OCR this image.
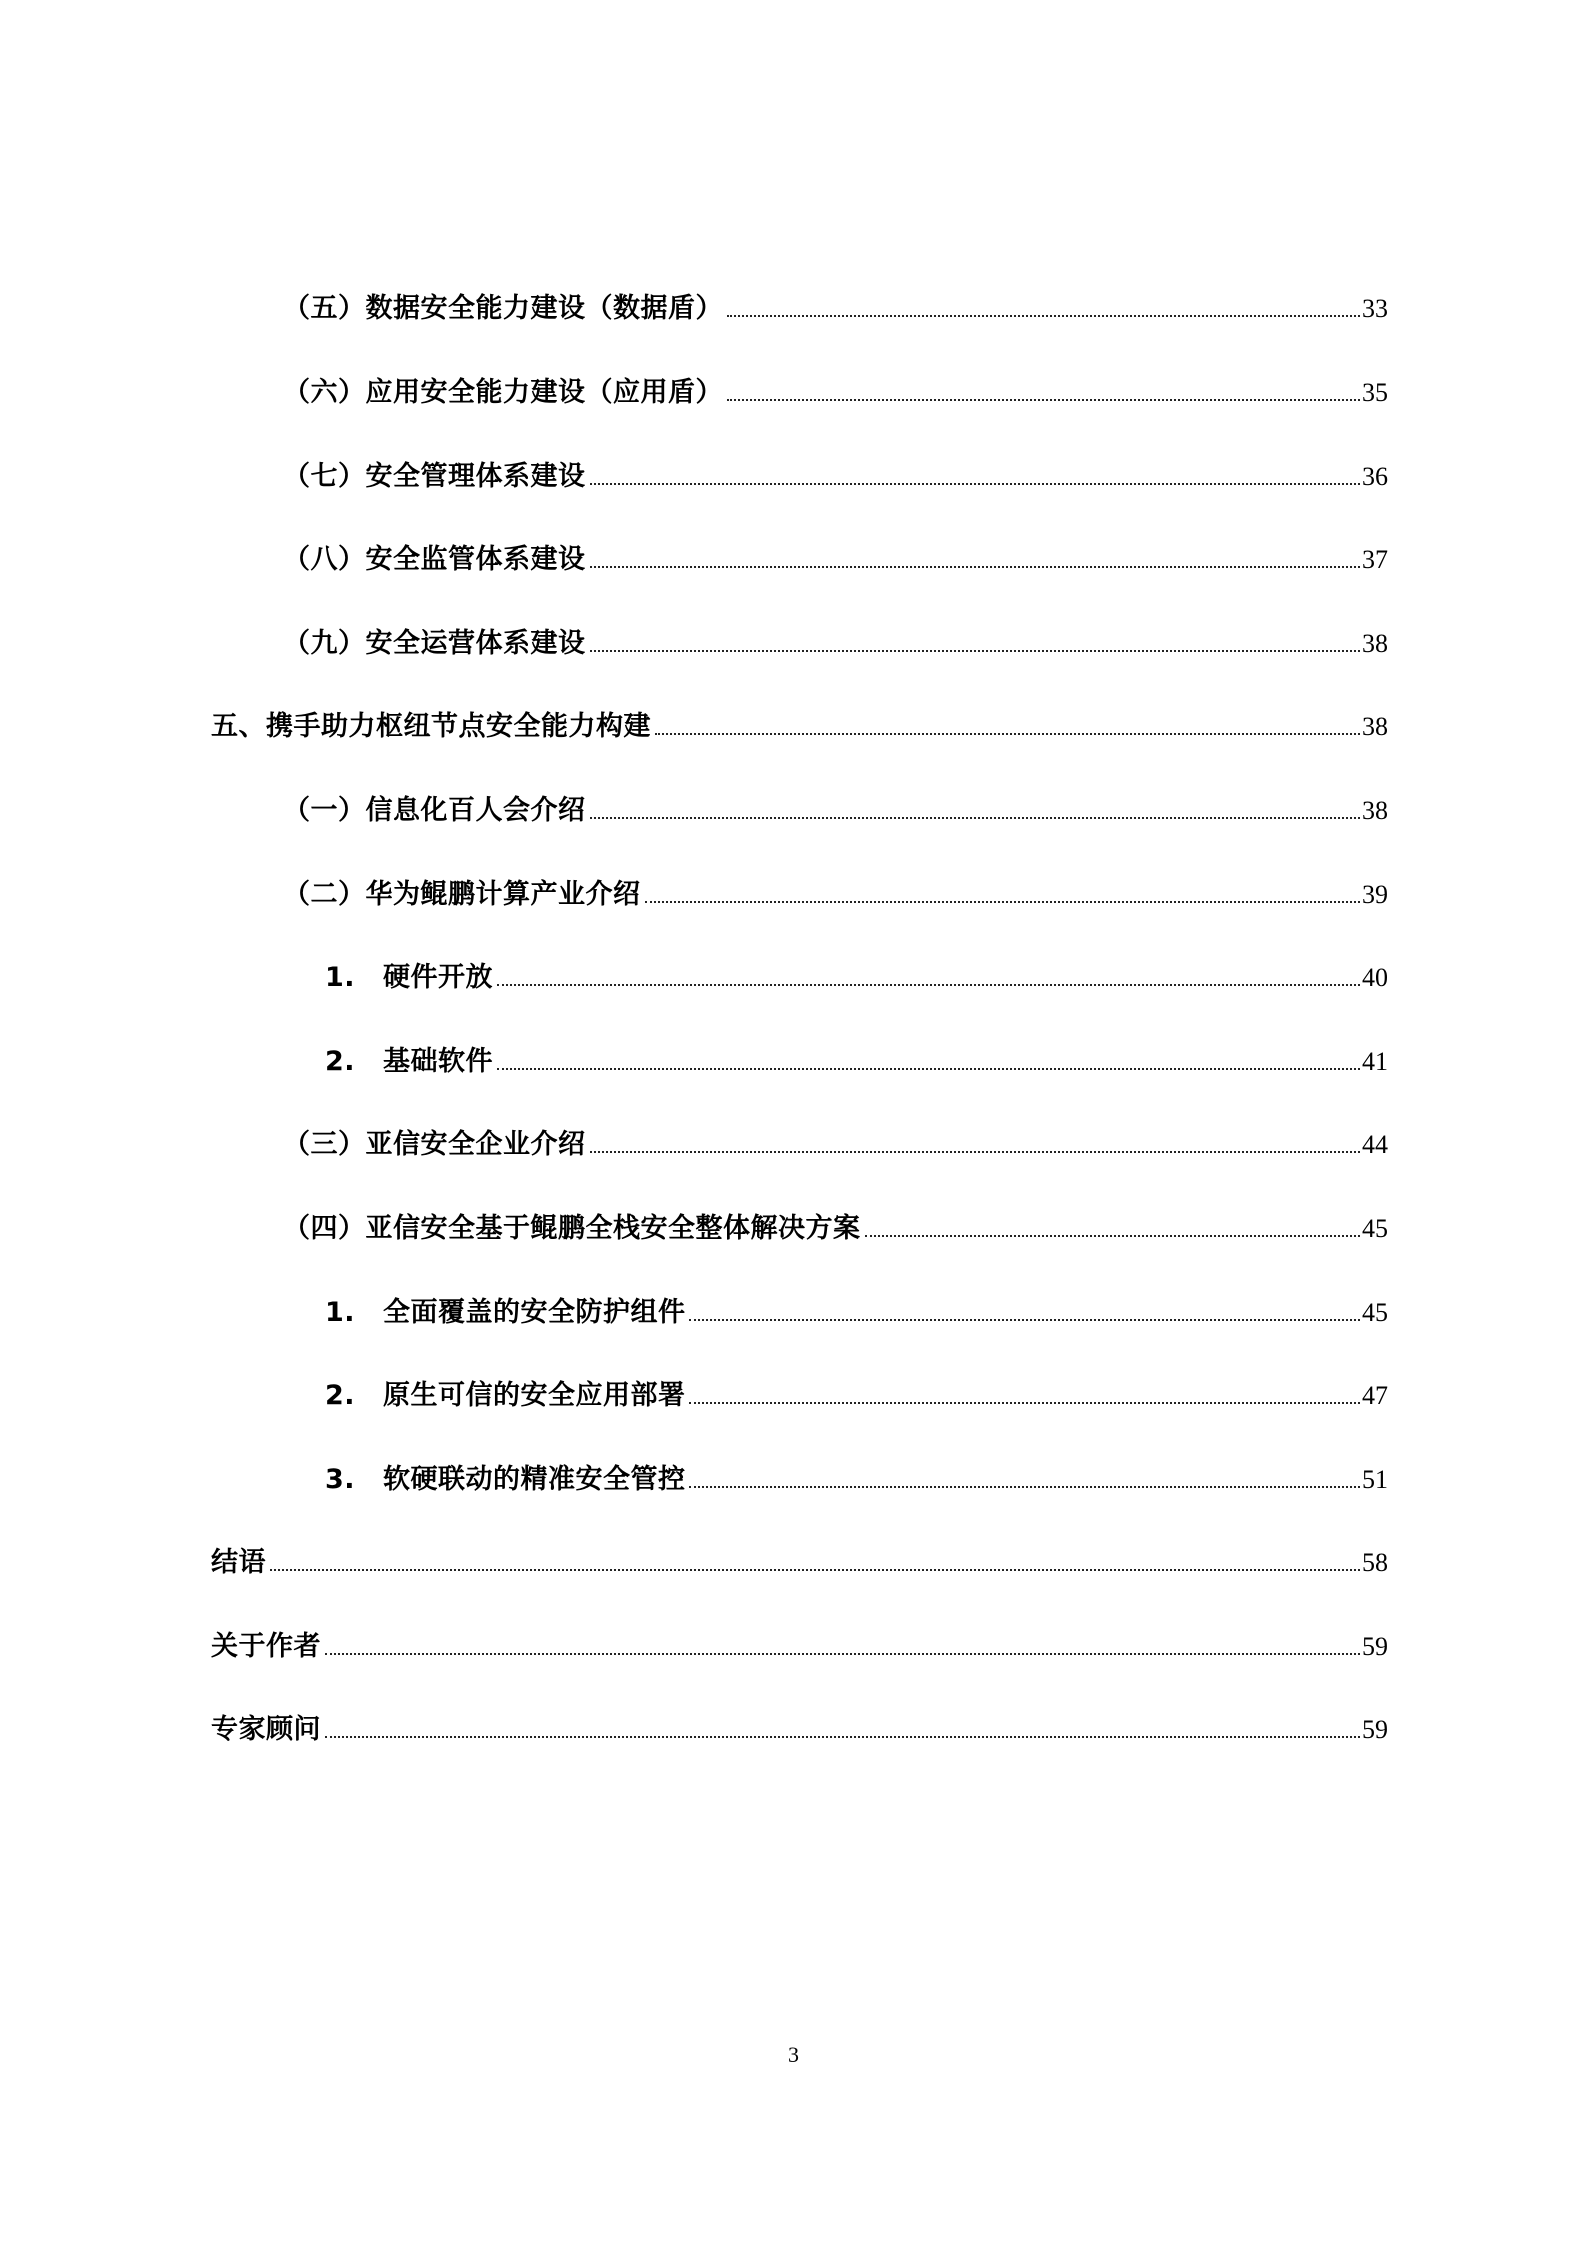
（五）数据安全能力建设（数据盾）	33
（六）应用安全能力建设（应用盾）	35
（七）安全管理体系建设	36
（八）安全监管体系建设	37
（九）安全运营体系建设	38
五、携手助力枢纽节点安全能力构建	38
（一）信息化百人会介绍	38
（二）华为鲲鹏计算产业介绍	39
1. 硬件开放	40
2. 基础软件	41
（三）亚信安全企业介绍	44
（四）亚信安全基于鲲鹏全栈安全整体解决方案	45
1. 全面覆盖的安全防护组件	45
2. 原生可信的安全应用部署	47
3. 软硬联动的精准安全管控	51
结语	58
关于作者	59
专家顾问	59
3
